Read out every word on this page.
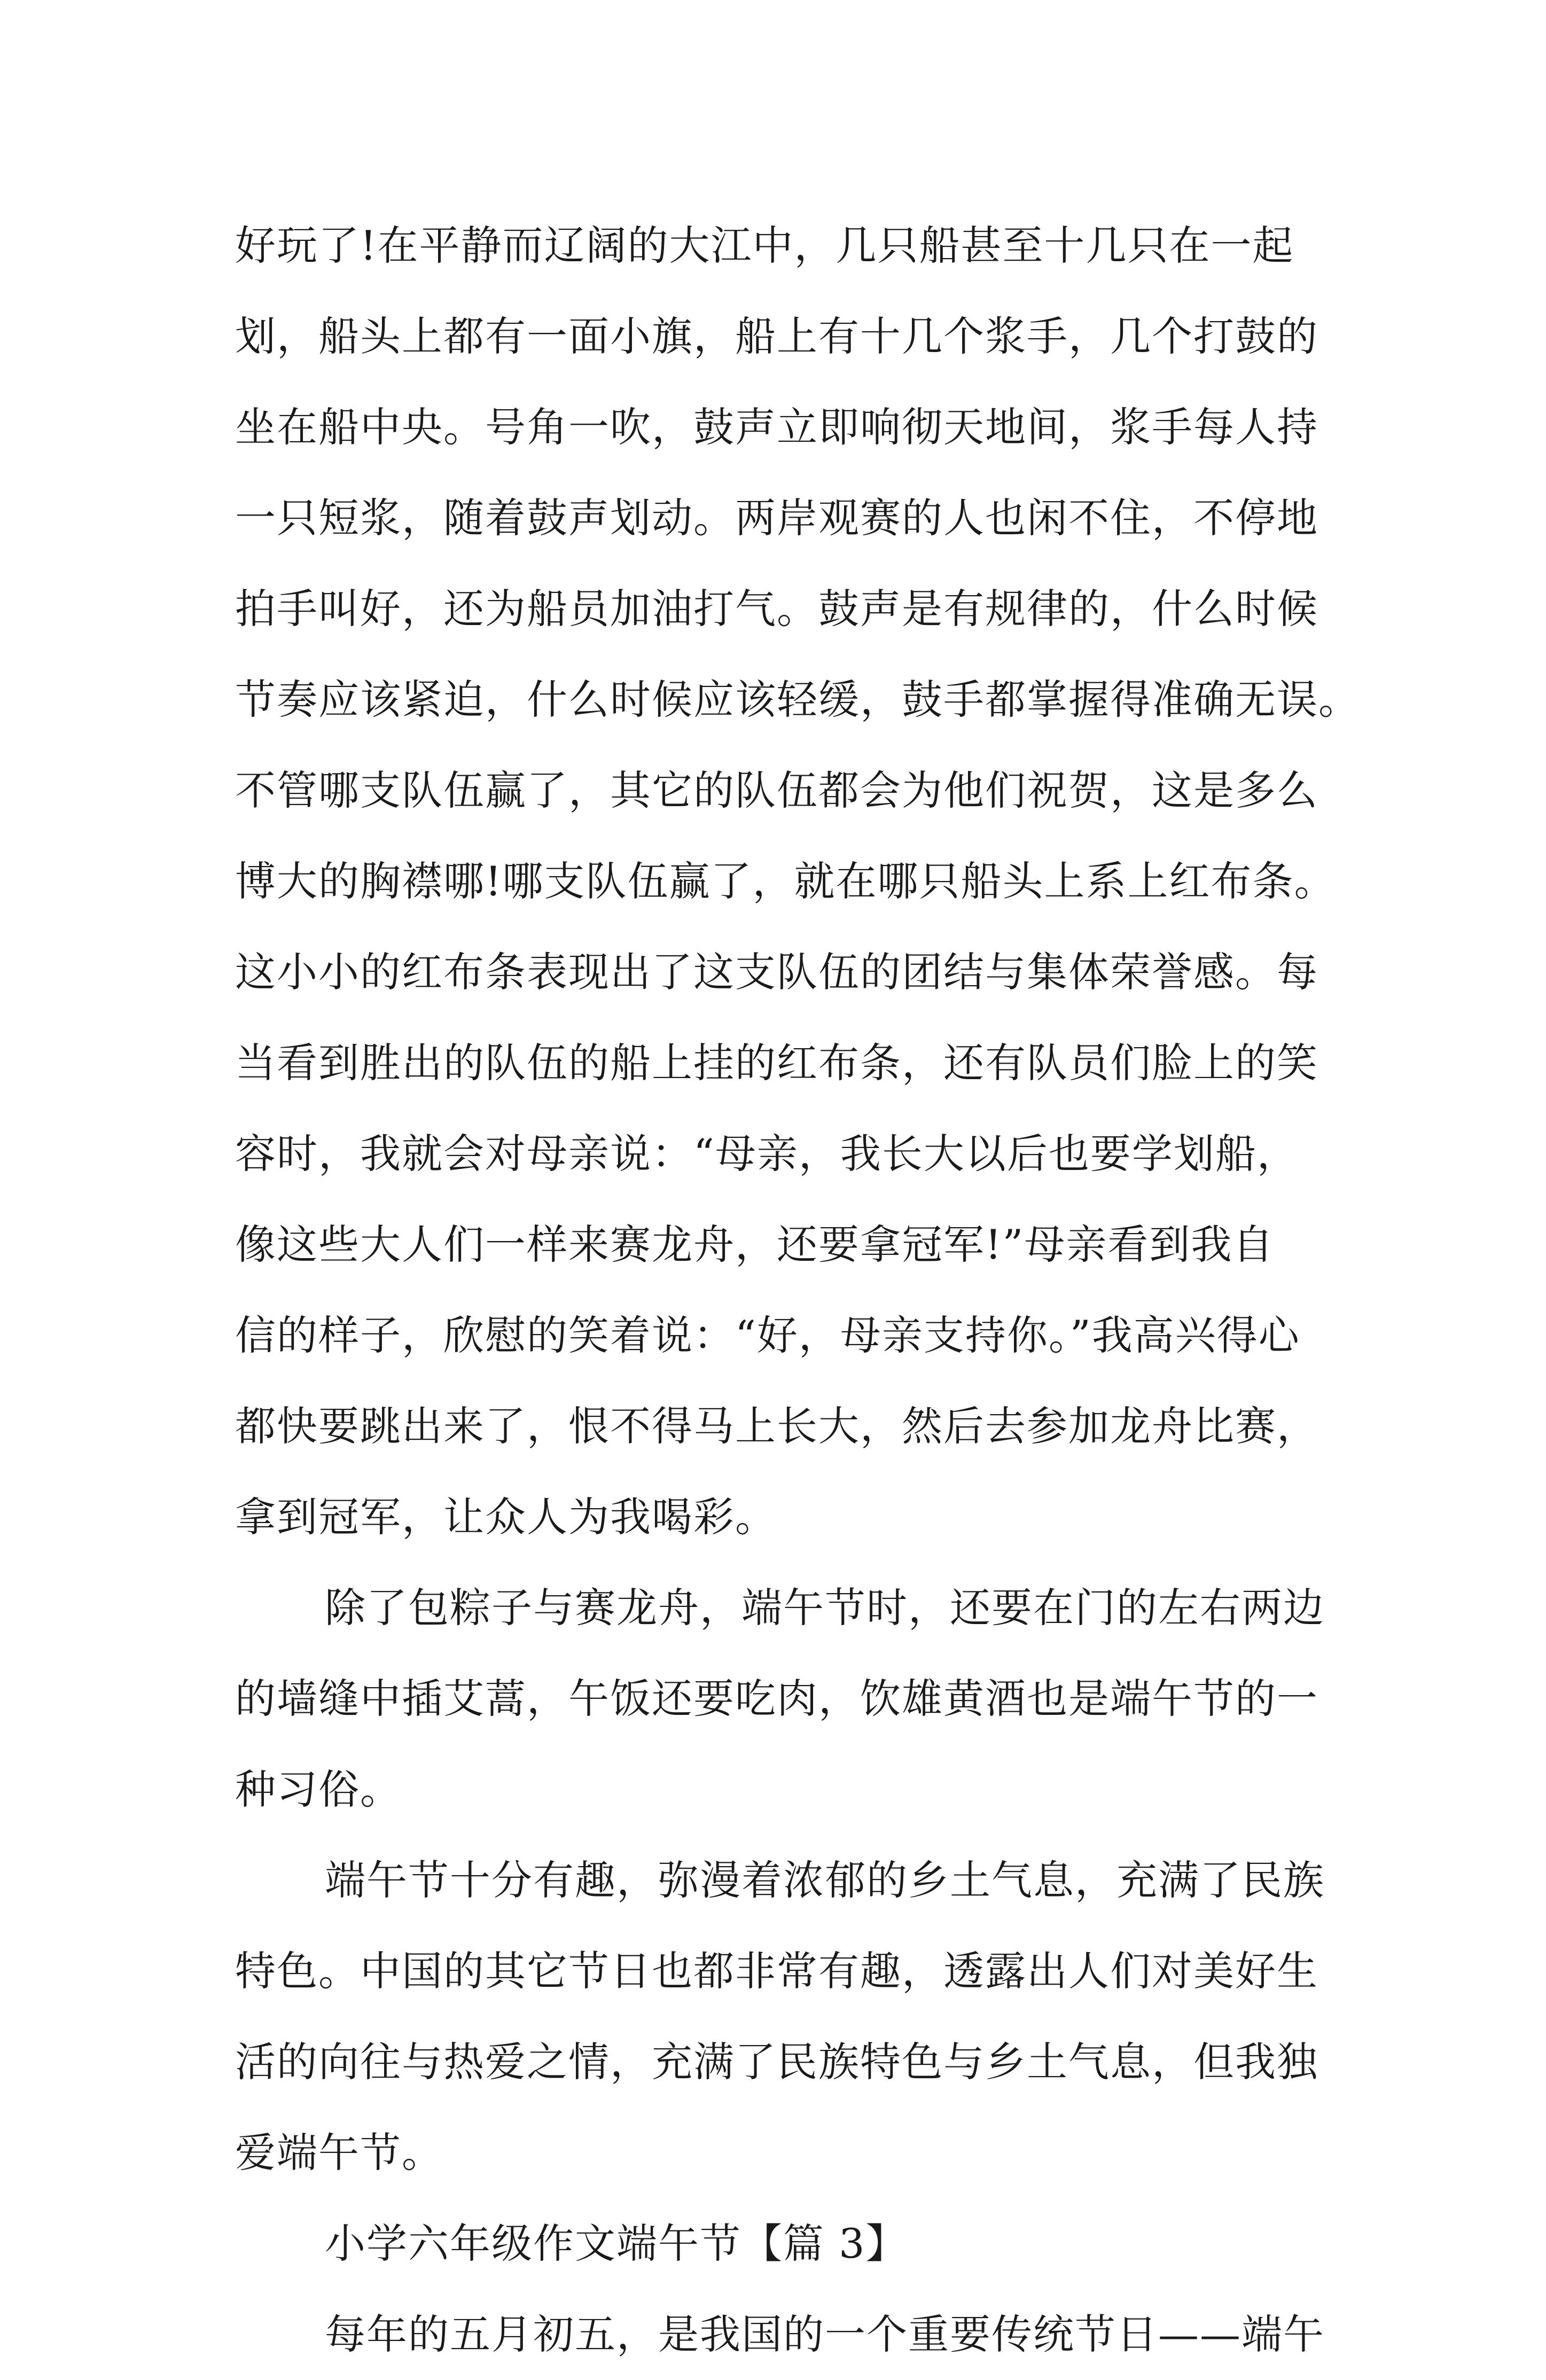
好玩了!在平静而辽阔的大江中，几只船甚至十几只在一起
划，船头上都有一面小旗，船上有十几个浆手，几个打鼓的
坐在船中央。号角一吹，鼓声立即响彻天地间，浆手每人持
一只短浆，随着鼓声划动。两岸观赛的人也闲不住，不停地
拍手叫好，还为船员加油打气。鼓声是有规律的，什么时候
节奏应该紧迫，什么时候应该轻缓，鼓手都掌握得准确无误。
不管哪支队伍赢了，其它的队伍都会为他们祝贺，这是多么
博大的胸襟哪!哪支队伍赢了，就在哪只船头上系上红布条。
这小小的红布条表现出了这支队伍的团结与集体荣誉感。每
当看到胜出的队伍的船上挂的红布条，还有队员们脸上的笑
容时，我就会对母亲说：“母亲，我长大以后也要学划船，
像这些大人们一样来赛龙舟，还要拿冠军!”母亲看到我自
信的样子，欣慰的笑着说：“好，母亲支持你。”我高兴得心
都快要跳出来了，恨不得马上长大，然后去参加龙舟比赛，
拿到冠军，让众人为我喝彩。
除了包粽子与赛龙舟，端午节时，还要在门的左右两边
的墙缝中插艾蒿，午饭还要吃肉，饮雄黄酒也是端午节的一
种习俗。
端午节十分有趣，弥漫着浓郁的乡土气息，充满了民族
特色。中国的其它节日也都非常有趣，透露出人们对美好生
活的向往与热爱之情，充满了民族特色与乡土气息，但我独
爱端午节。
小学六年级作文端午节【篇 3】
每年的五月初五，是我国的一个重要传统节日——端午
